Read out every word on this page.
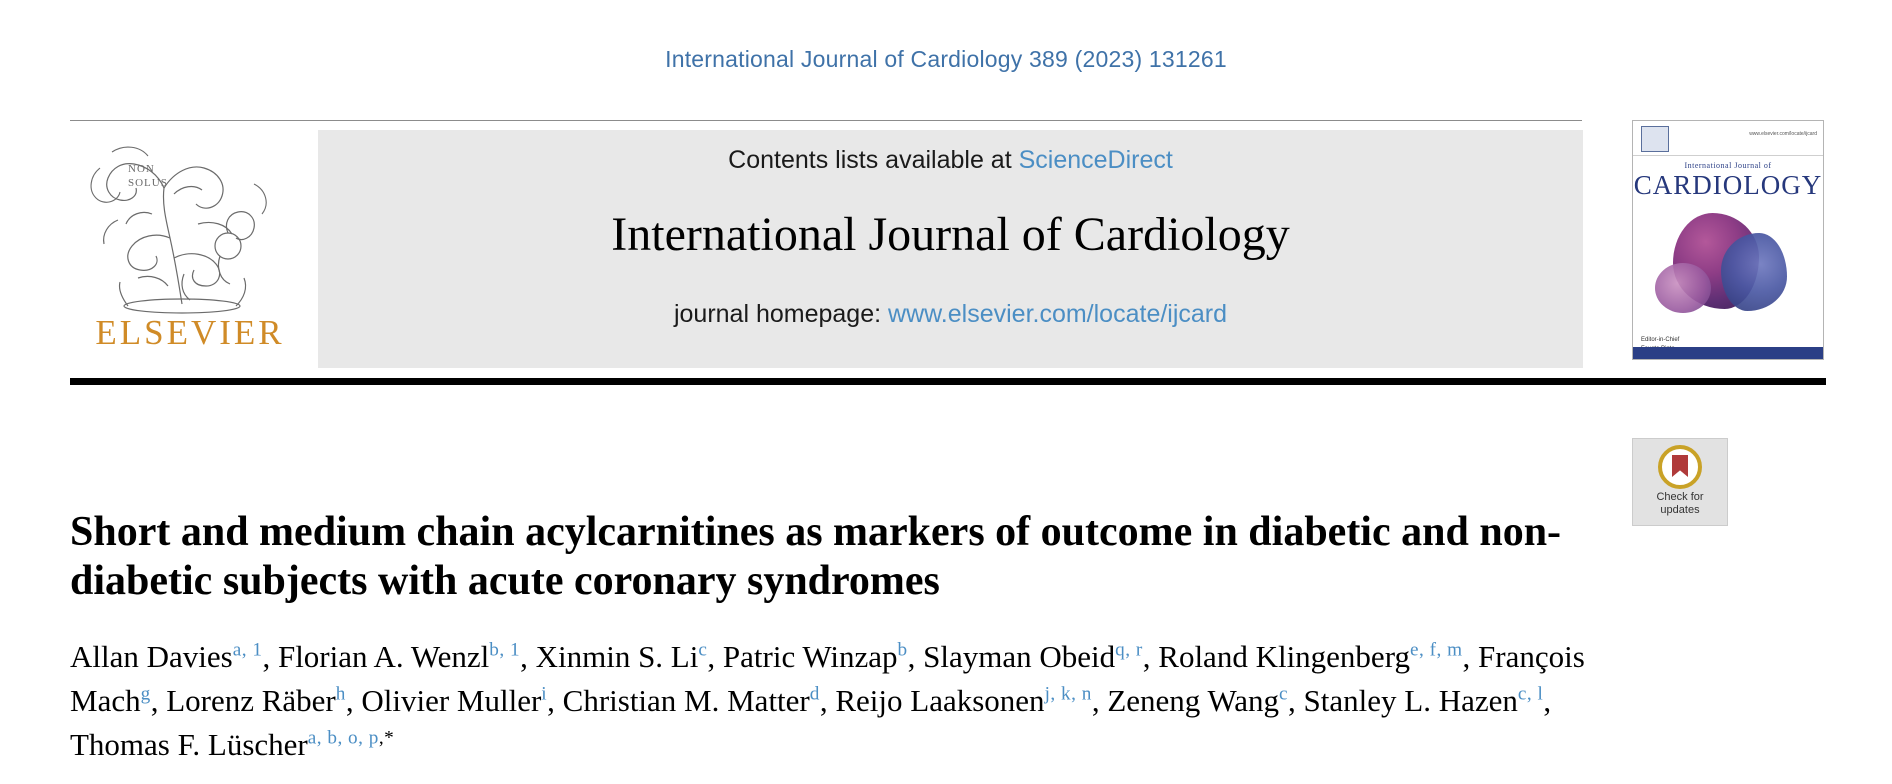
International Journal of Cardiology 389 (2023) 131261
NON
SOLUS
ELSEVIER
Contents lists available at ScienceDirect
International Journal of Cardiology
journal homepage: www.elsevier.com/locate/ijcard
www.elsevier.com/locate/ijcard
International Journal of
CARDIOLOGY
Editor-in-Chief
Check for
updates
Short and medium chain acylcarnitines as markers of outcome in diabetic and non-diabetic subjects with acute coronary syndromes
Allan Davies$^{a, 1}$, Florian A. Wenzl$^{b, 1}$, Xinmin S. Li$^c$, Patric Winzap$^b$, Slayman Obeid$^{q, r}$, Roland Klingenberg$^{e, f, m}$, François Mach$^g$, Lorenz Räber$^h$, Olivier Muller$^i$, Christian M. Matter$^d$, Reijo Laaksonen$^{j, k, n}$, Zeneng Wang$^c$, Stanley L. Hazen$^{c, l}$, Thomas F. Lüscher$^{a, b, o, p,*}$
